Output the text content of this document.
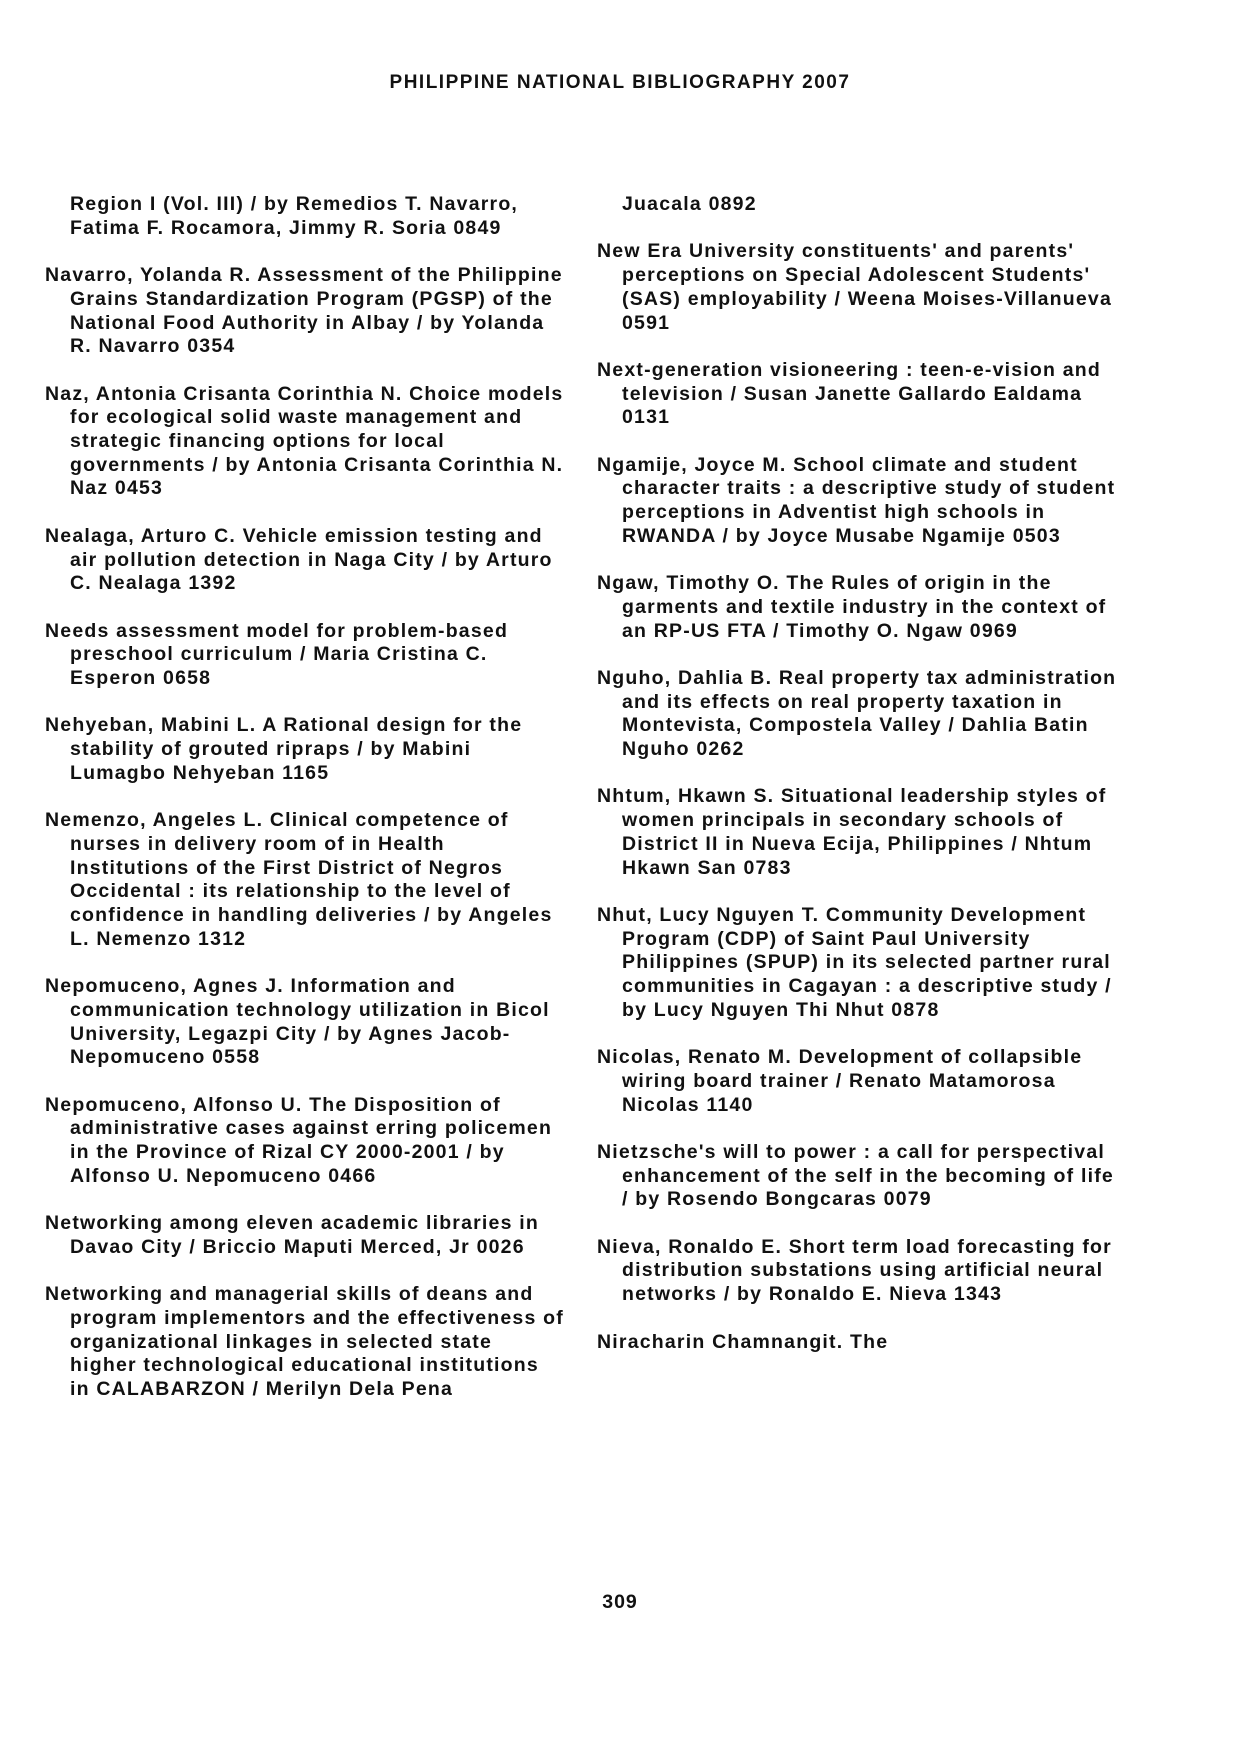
PHILIPPINE NATIONAL BIBLIOGRAPHY 2007

Region I (Vol. III) / by Remedios T. Navarro, Fatima F. Rocamora, Jimmy R. Soria 0849

Navarro, Yolanda R. Assessment of the Philippine Grains Standardization Program (PGSP) of the National Food Authority in Albay / by Yolanda R. Navarro 0354

Naz, Antonia Crisanta Corinthia N. Choice models for ecological solid waste management and strategic financing options for local governments / by Antonia Crisanta Corinthia N. Naz 0453

Nealaga, Arturo C. Vehicle emission testing and air pollution detection in Naga City / by Arturo C. Nealaga 1392

Needs assessment model for problem-based preschool curriculum / Maria Cristina C. Esperon 0658

Nehyeban, Mabini L. A Rational design for the stability of grouted ripraps / by Mabini Lumagbo Nehyeban 1165

Nemenzo, Angeles L. Clinical competence of nurses in delivery room of in Health Institutions of the First District of Negros Occidental : its relationship to the level of confidence in handling deliveries / by Angeles L. Nemenzo 1312

Nepomuceno, Agnes J. Information and communication technology utilization in Bicol University, Legazpi City / by Agnes Jacob-Nepomuceno 0558

Nepomuceno, Alfonso U. The Disposition of administrative cases against erring policemen in the Province of Rizal CY 2000-2001 / by Alfonso U. Nepomuceno 0466

Networking among eleven academic libraries in Davao City / Briccio Maputi Merced, Jr 0026

Networking and managerial skills of deans and program implementors and the effectiveness of organizational linkages in selected state higher technological educational institutions in CALABARZON / Merilyn Dela Pena

Juacala 0892

New Era University constituents' and parents' perceptions on Special Adolescent Students' (SAS) employability / Weena Moises-Villanueva 0591

Next-generation visioneering : teen-e-vision and television / Susan Janette Gallardo Ealdama 0131

Ngamije, Joyce M. School climate and student character traits : a descriptive study of student perceptions in Adventist high schools in RWANDA / by Joyce Musabe Ngamije 0503

Ngaw, Timothy O. The Rules of origin in the garments and textile industry in the context of an RP-US FTA / Timothy O. Ngaw 0969

Nguho, Dahlia B. Real property tax administration and its effects on real property taxation in Montevista, Compostela Valley / Dahlia Batin Nguho 0262

Nhtum, Hkawn S. Situational leadership styles of women principals in secondary schools of District II in Nueva Ecija, Philippines / Nhtum Hkawn San 0783

Nhut, Lucy Nguyen T. Community Development Program (CDP) of Saint Paul University Philippines (SPUP) in its selected partner rural communities in Cagayan : a descriptive study / by Lucy Nguyen Thi Nhut 0878

Nicolas, Renato M. Development of collapsible wiring board trainer / Renato Matamorosa Nicolas 1140

Nietzsche's will to power : a call for perspectival enhancement of the self in the becoming of life / by Rosendo Bongcaras 0079

Nieva, Ronaldo E. Short term load forecasting for distribution substations using artificial neural networks / by Ronaldo E. Nieva 1343

Niracharin Chamnangit. The

309
